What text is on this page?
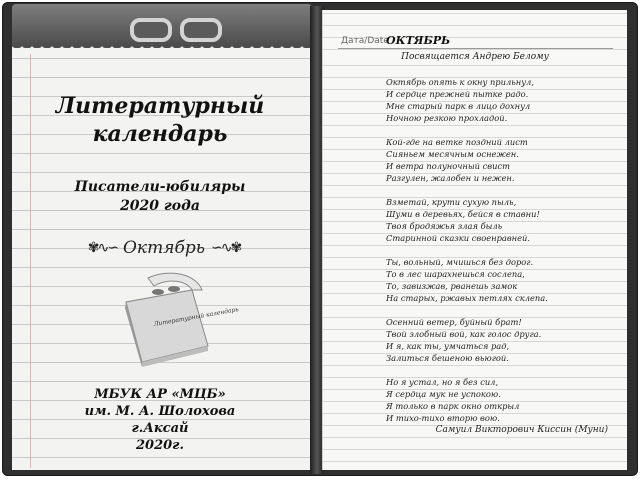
Литературный
календарь
Писатели-юбиляры
2020 года
✾∿∽ Октябрь ∽∿✾
Литературный календарь
МБУК АР «МЦБ»
им. М. А. Шолохова
г.Аксай
2020г.
Дата/Date
ОКТЯБРЬ
Посвящается Андрею Белому
Октябрь опять к окну прильнул,
И сердце прежней пытке радо.
Мне старый парк в лицо дохнул
Ночною резкою прохладой.
Кой-где на ветке поздний лист
Сияньем месячным оснежен.
И ветра полуночный свист
Разгулен, жалобен и нежен.
Взметай, крути сухую пыль,
Шуми в деревьях, бейся в ставни!
Твоя бродяжья злая быль
Старинной сказки своенравней.
Ты, вольный, мчишься без дорог.
То в лес шарахнешься сослепа,
То, завизжав, рванешь замок
На старых, ржавых петлях склепа.
Осенний ветер, буйный брат!
Твой злобный вой, как голос друга.
И я, как ты, умчаться рад,
Залиться бешеною вьюгой.
Но я устал, но я без сил,
Я сердца мук не успокою.
Я только в парк окно открыл
И тихо-тихо вторю вою.
Самуил Викторович Киссин (Муни)
